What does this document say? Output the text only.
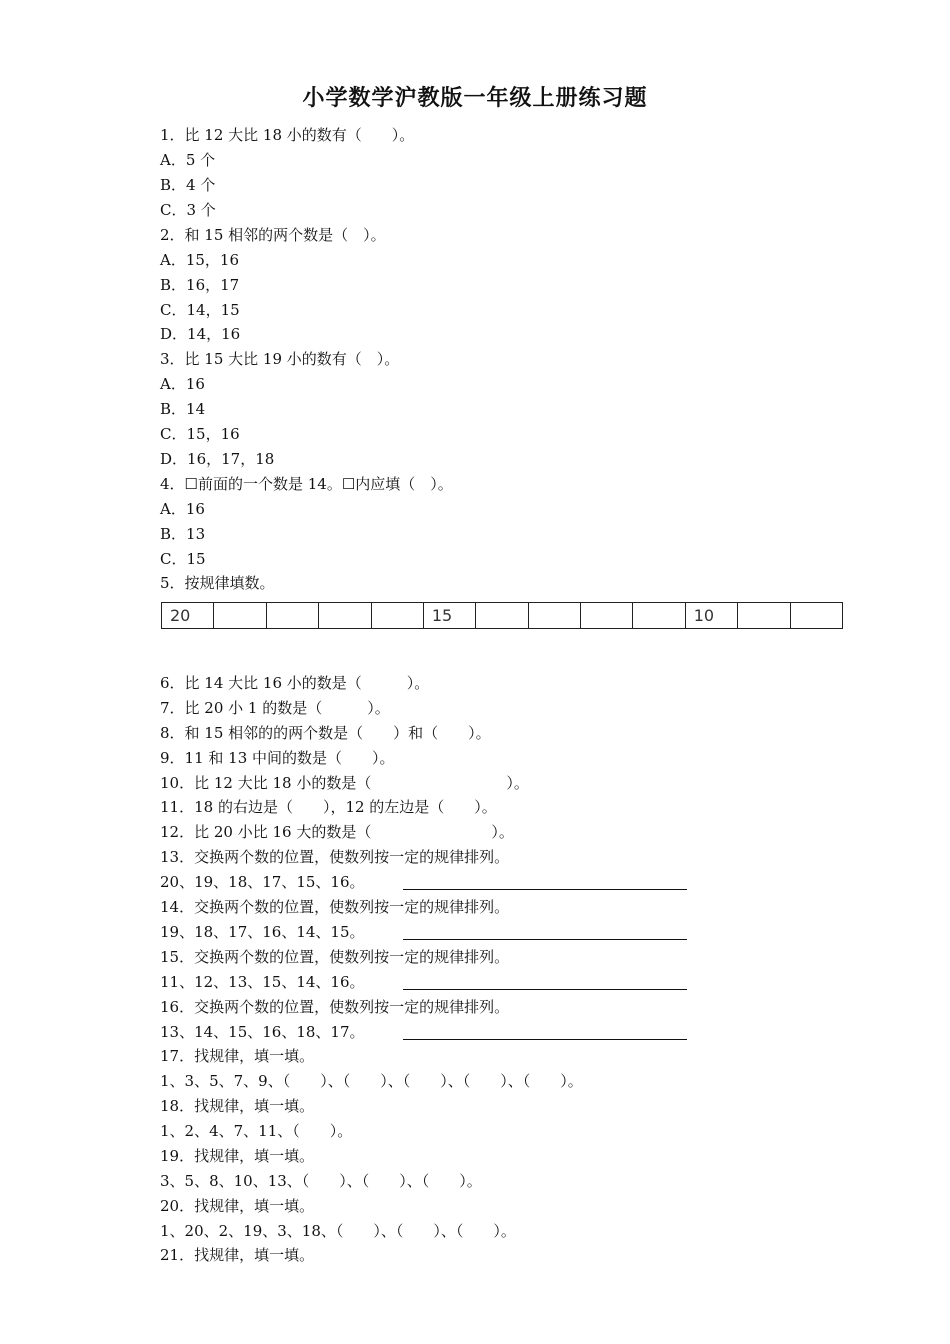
小学数学沪教版一年级上册练习题
1．比 12 大比 18 小的数有（　　）。
A．5 个
B．4 个
C．3 个
2．和 15 相邻的两个数是（　）。
A．15，16
B．16，17
C．14，15
D．14，16
3．比 15 大比 19 小的数有（　）。
A．16
B．14
C．15，16
D．16，17，18
4．☐前面的一个数是 14。☐内应填（　）。
A．16
B．13
C．15
5．按规律填数。
20					15					10		
6．比 14 大比 16 小的数是（　　　）。
7．比 20 小 1 的数是（　　　）。
8．和 15 相邻的的两个数是（　　）和（　　）。
9．11 和 13 中间的数是（　　）。
10．比 12 大比 18 小的数是（　　　　　　　　　）。
11．18 的右边是（　　），12 的左边是（　　）。
12．比 20 小比 16 大的数是（　　　　　　　　）。
13．交换两个数的位置，使数列按一定的规律排列。
20、19、18、17、15、16。
14．交换两个数的位置，使数列按一定的规律排列。
19、18、17、16、14、15。
15．交换两个数的位置，使数列按一定的规律排列。
11、12、13、15、14、16。
16．交换两个数的位置，使数列按一定的规律排列。
13、14、15、16、18、17。
17．找规律，填一填。
1、3、5、7、9、（　　）、（　　）、（　　）、（　　）、（　　）。
18．找规律，填一填。
1、2、4、7、11、（　　）。
19．找规律，填一填。
3、5、8、10、13、（　　）、（　　）、（　　）。
20．找规律，填一填。
1、20、2、19、3、18、（　　）、（　　）、（　　）。
21．找规律，填一填。
